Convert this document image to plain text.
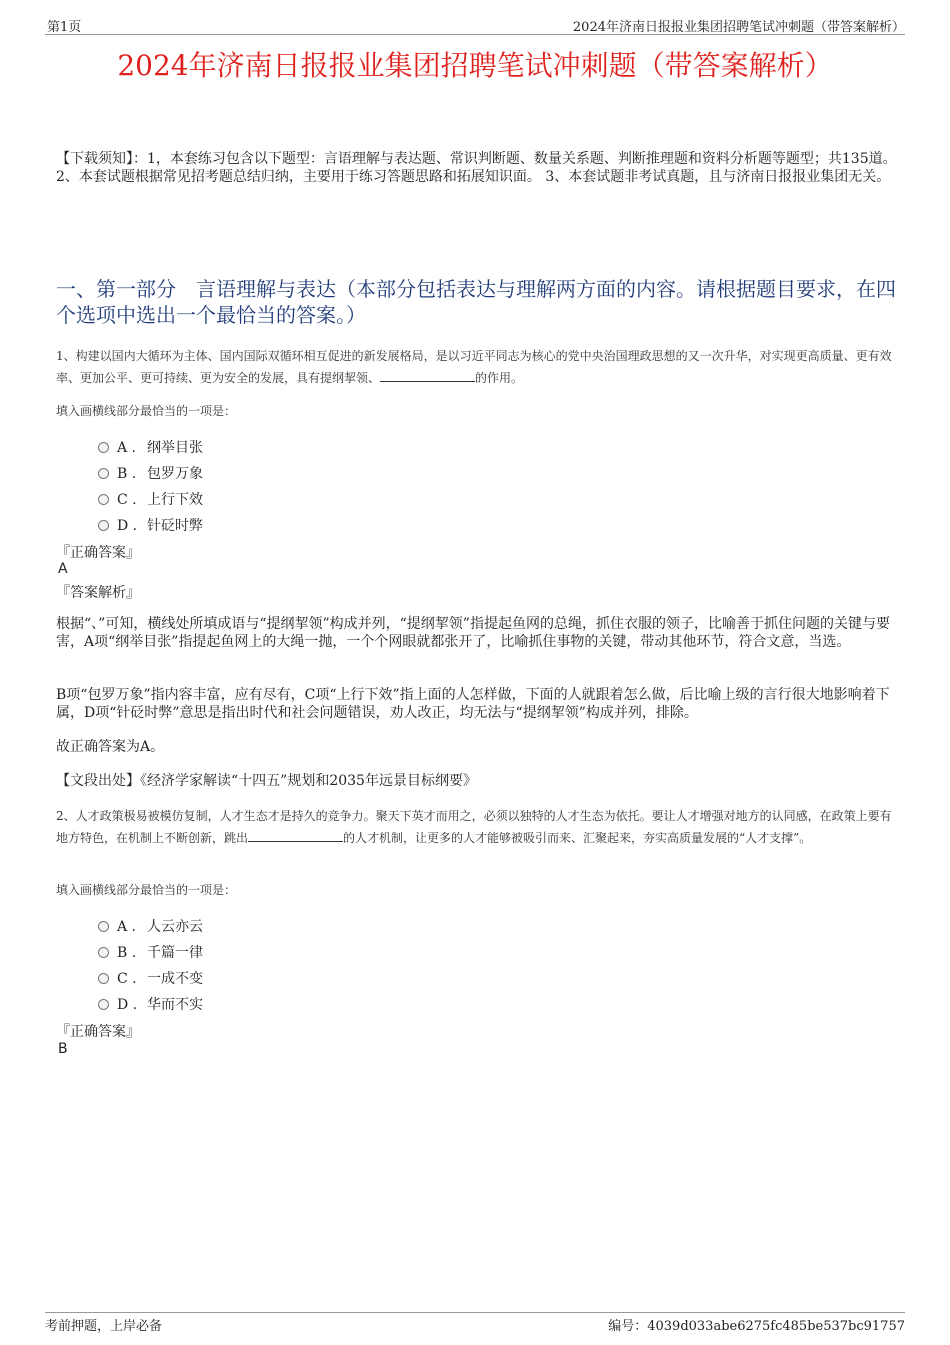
第1页	2024年济南日报报业集团招聘笔试冲刺题（带答案解析）
2024年济南日报报业集团招聘笔试冲刺题（带答案解析）
【下载须知】：1，本套练习包含以下题型：言语理解与表达题、常识判断题、数量关系题、判断推理题和资料分析题等题型；共135道。 2、本套试题根据常见招考题总结归纳，主要用于练习答题思路和拓展知识面。 3、本套试题非考试真题，且与济南日报报业集团无关。
一、第一部分　言语理解与表达（本部分包括表达与理解两方面的内容。请根据题目要求，在四个选项中选出一个最恰当的答案。）
1、构建以国内大循环为主体、国内国际双循环相互促进的新发展格局，是以习近平同志为核心的党中央治国理政思想的又一次升华，对实现更高质量、更有效率、更加公平、更可持续、更为安全的发展，具有提纲挈领、	的作用。
填入画横线部分最恰当的一项是：
A . 纲举目张
B . 包罗万象
C . 上行下效
D . 针砭时弊
『正确答案』
A
『答案解析』
根据“、”可知，横线处所填成语与“提纲挈领”构成并列，“提纲挈领”指提起鱼网的总绳，抓住衣服的领子，比喻善于抓住问题的关键与要害，A项“纲举目张”指提起鱼网上的大绳一抛，一个个网眼就都张开了，比喻抓住事物的关键，带动其他环节，符合文意，当选。
B项“包罗万象”指内容丰富，应有尽有，C项“上行下效”指上面的人怎样做，下面的人就跟着怎么做，后比喻上级的言行很大地影响着下属，D项“针砭时弊”意思是指出时代和社会问题错误，劝人改正，均无法与“提纲挈领”构成并列，排除。
故正确答案为A。
【文段出处】《经济学家解读“十四五”规划和2035年远景目标纲要》
2、人才政策极易被模仿复制，人才生态才是持久的竞争力。聚天下英才而用之，必须以独特的人才生态为依托。要让人才增强对地方的认同感，在政策上要有地方特色，在机制上不断创新，跳出	的人才机制，让更多的人才能够被吸引而来、汇聚起来，夯实高质量发展的“人才支撑”。
填入画横线部分最恰当的一项是：
A . 人云亦云
B . 千篇一律
C . 一成不变
D . 华而不实
『正确答案』
B
考前押题，上岸必备	编号：4039d033abe6275fc485be537bc91757
